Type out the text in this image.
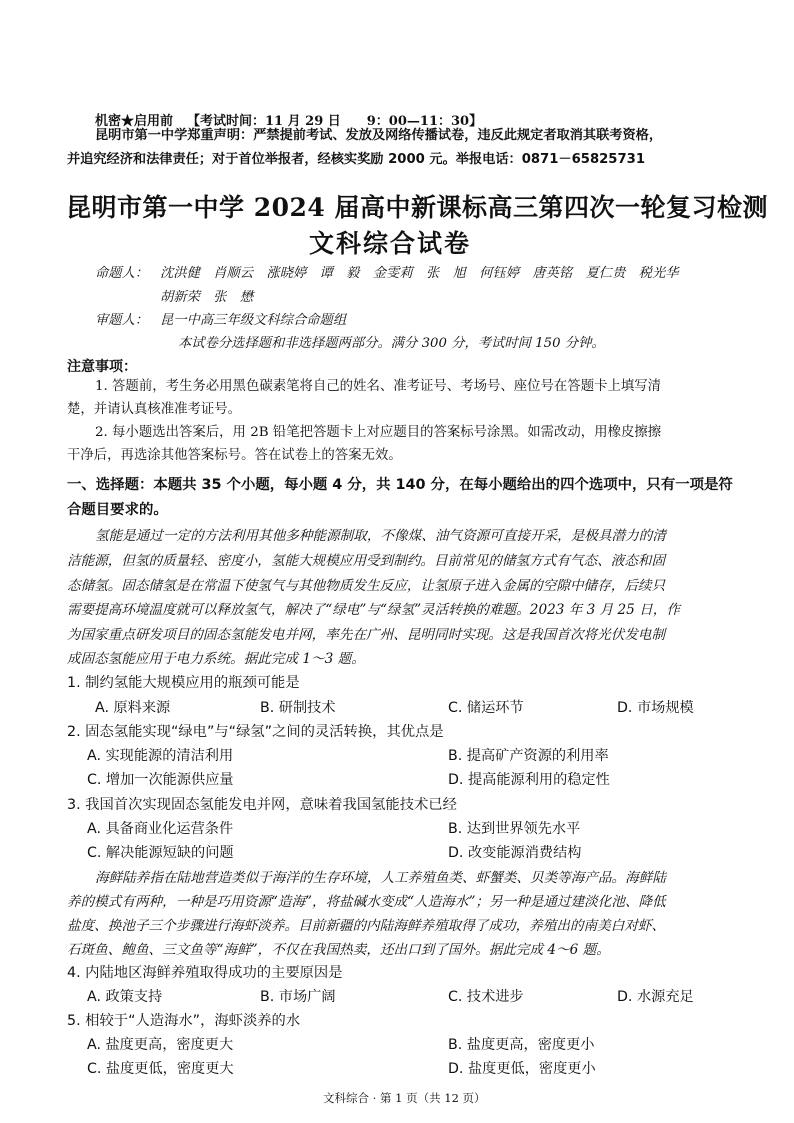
机密★启用前 【考试时间：11 月 29 日　　9：00—11：30】
昆明市第一中学郑重声明：严禁提前考试、发放及网络传播试卷，违反此规定者取消其联考资格，
并追究经济和法律责任；对于首位举报者，经核实奖励 2000 元。举报电话：0871－65825731
昆明市第一中学 2024 届高中新课标高三第四次一轮复习检测
文科综合试卷
命题人： 沈洪健　肖顺云　涨晓婷　谭　毅　金雯莉　张　旭　何钰婷　唐英铭　夏仁贵　税光华
胡新荣　张　懋
审题人： 昆一中高三年级文科综合命题组
本试卷分选择题和非选择题两部分。满分 300 分，考试时间 150 分钟。
注意事项：
1. 答题前，考生务必用黑色碳素笔将自己的姓名、准考证号、考场号、座位号在答题卡上填写清
楚，并请认真核准准考证号。
2. 每小题选出答案后，用 2B 铅笔把答题卡上对应题目的答案标号涂黑。如需改动，用橡皮擦擦
干净后，再选涂其他答案标号。答在试卷上的答案无效。
一、选择题：本题共 35 个小题，每小题 4 分，共 140 分，在每小题给出的四个选项中，只有一项是符
合题目要求的。
氢能是通过一定的方法利用其他多种能源制取，不像煤、油气资源可直接开采，是极具潜力的清
洁能源，但氢的质量轻、密度小，氢能大规模应用受到制约。目前常见的储氢方式有气态、液态和固
态储氢。固态储氢是在常温下使氢气与其他物质发生反应，让氢原子进入金属的空隙中储存，后续只
需要提高环境温度就可以释放氢气，解决了“绿电”与“绿氢”灵活转换的难题。2023 年 3 月 25 日，作
为国家重点研发项目的固态氢能发电并网，率先在广州、昆明同时实现。这是我国首次将光伏发电制
成固态氢能应用于电力系统。据此完成 1～3 题。
1. 制约氢能大规模应用的瓶颈可能是
A. 原料来源	B. 研制技术	C. 储运环节	D. 市场规模
2. 固态氢能实现“绿电”与“绿氢”之间的灵活转换，其优点是
A. 实现能源的清洁利用	B. 提高矿产资源的利用率
C. 增加一次能源供应量	D. 提高能源利用的稳定性
3. 我国首次实现固态氢能发电并网，意味着我国氢能技术已经
A. 具备商业化运营条件	B. 达到世界领先水平
C. 解决能源短缺的问题	D. 改变能源消费结构
海鲜陆养指在陆地营造类似于海洋的生存环境，人工养殖鱼类、虾蟹类、贝类等海产品。海鲜陆
养的模式有两种，一种是巧用资源“造海”，将盐碱水变成“人造海水”；另一种是通过建淡化池、降低
盐度、换池子三个步骤进行海虾淡养。目前新疆的内陆海鲜养殖取得了成功，养殖出的南美白对虾、
石斑鱼、鲍鱼、三文鱼等“海鲜”，不仅在我国热卖，还出口到了国外。据此完成 4～6 题。
4. 内陆地区海鲜养殖取得成功的主要原因是
A. 政策支持	B. 市场广阔	C. 技术进步	D. 水源充足
5. 相较于“人造海水”，海虾淡养的水
A. 盐度更高，密度更大	B. 盐度更高，密度更小
C. 盐度更低，密度更大	D. 盐度更低，密度更小
文科综合 · 第 1 页（共 12 页）
